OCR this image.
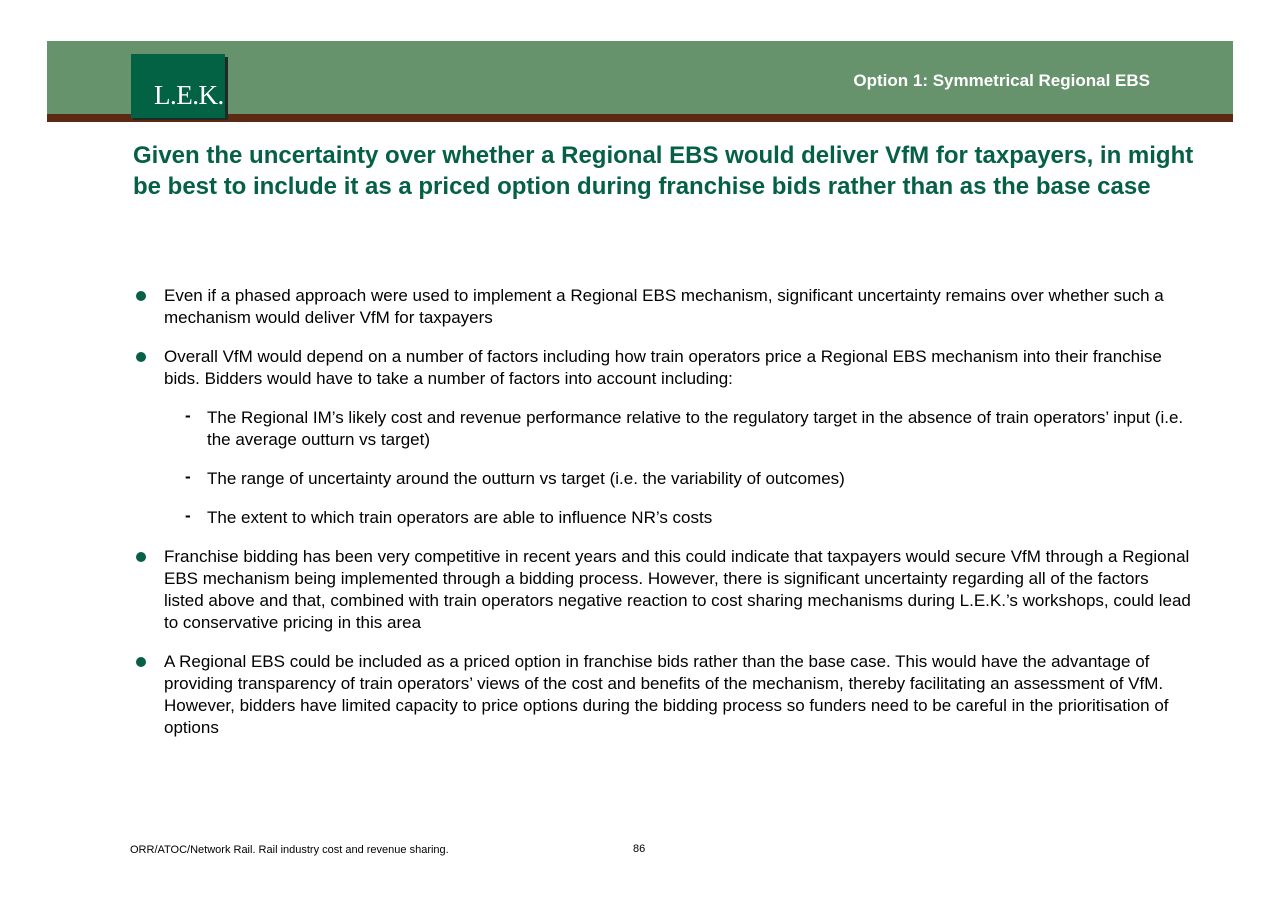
L.E.K.	Option 1: Symmetrical Regional EBS
Given the uncertainty over whether a Regional EBS would deliver VfM for taxpayers, in might be best to include it as a priced option during franchise bids rather than as the base case
Even if a phased approach were used to implement a Regional EBS mechanism, significant uncertainty remains over whether such a mechanism would deliver VfM for taxpayers
Overall VfM would depend on a number of factors including how train operators price a Regional EBS mechanism into their franchise bids. Bidders would have to take a number of factors into account including:
- The Regional IM’s likely cost and revenue performance relative to the regulatory target in the absence of train operators’ input (i.e. the average outturn vs target)
- The range of uncertainty around the outturn vs target (i.e. the variability of outcomes)
- The extent to which train operators are able to influence NR’s costs
Franchise bidding has been very competitive in recent years and this could indicate that taxpayers would secure VfM through a Regional EBS mechanism being implemented through a bidding process. However, there is significant uncertainty regarding all of the factors listed above and that, combined with train operators negative reaction to cost sharing mechanisms during L.E.K.’s workshops, could lead to conservative pricing in this area
A Regional EBS could be included as a priced option in franchise bids rather than the base case. This would have the advantage of providing transparency of train operators’ views of the cost and benefits of the mechanism, thereby facilitating an assessment of VfM. However, bidders have limited capacity to price options during the bidding process so funders need to be careful in the prioritisation of options
ORR/ATOC/Network Rail. Rail industry cost and revenue sharing.	86
